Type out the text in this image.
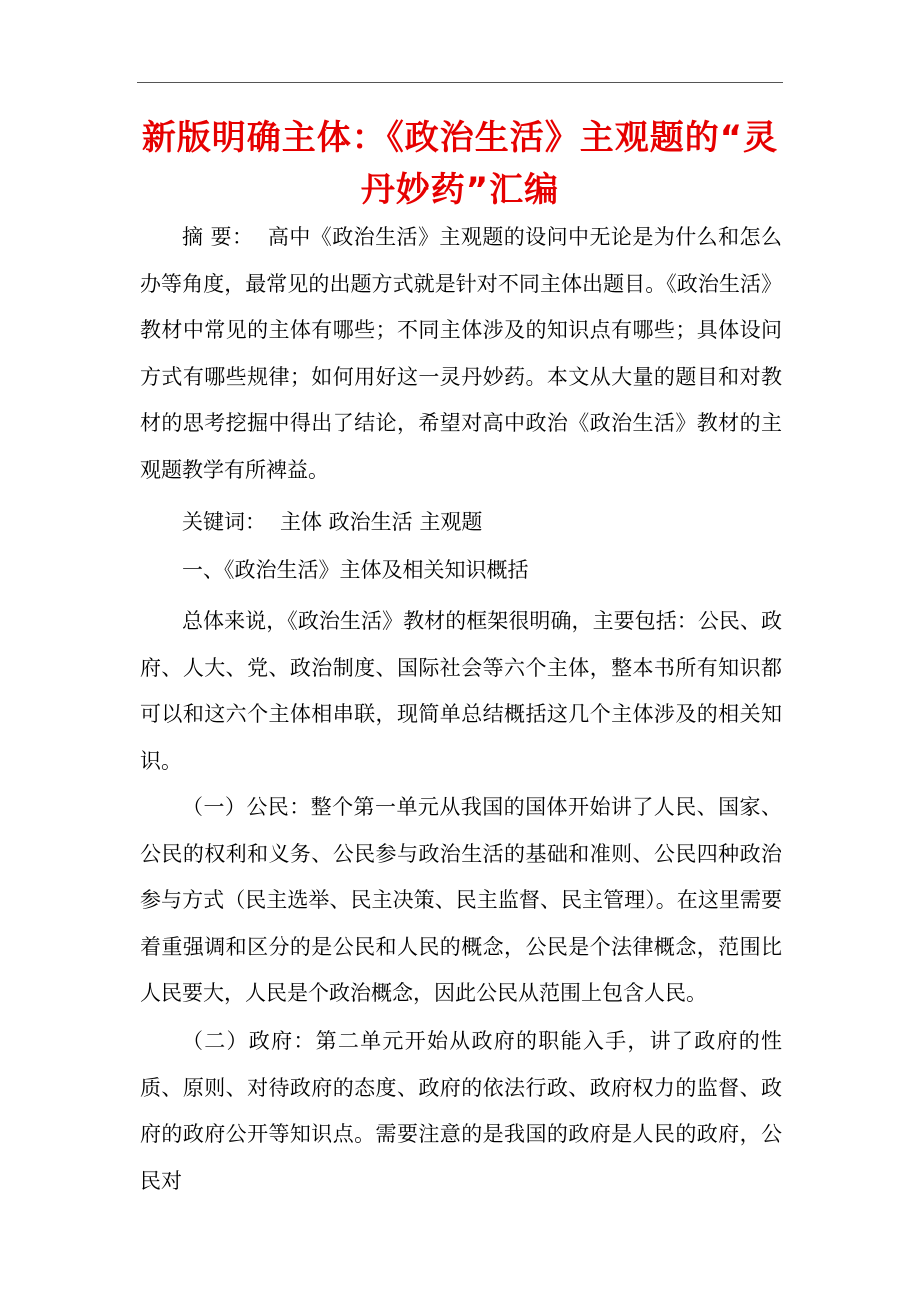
新版明确主体：《政治生活》主观题的“灵丹妙药”汇编

摘 要： 高中《政治生活》主观题的设问中无论是为什么和怎么办等角度，最常见的出题方式就是针对不同主体出题目。《政治生活》教材中常见的主体有哪些；不同主体涉及的知识点有哪些；具体设问方式有哪些规律；如何用好这一灵丹妙药。本文从大量的题目和对教材的思考挖掘中得出了结论，希望对高中政治《政治生活》教材的主观题教学有所裨益。

关键词： 主体 政治生活 主观题

一、《政治生活》主体及相关知识概括

总体来说，《政治生活》教材的框架很明确，主要包括：公民、政府、人大、党、政治制度、国际社会等六个主体，整本书所有知识都可以和这六个主体相串联，现简单总结概括这几个主体涉及的相关知识。

（一）公民：整个第一单元从我国的国体开始讲了人民、国家、公民的权利和义务、公民参与政治生活的基础和准则、公民四种政治参与方式（民主选举、民主决策、民主监督、民主管理）。在这里需要着重强调和区分的是公民和人民的概念，公民是个法律概念，范围比人民要大，人民是个政治概念，因此公民从范围上包含人民。

（二）政府：第二单元开始从政府的职能入手，讲了政府的性质、原则、对待政府的态度、政府的依法行政、政府权力的监督、政府的政府公开等知识点。需要注意的是我国的政府是人民的政府，公民对
